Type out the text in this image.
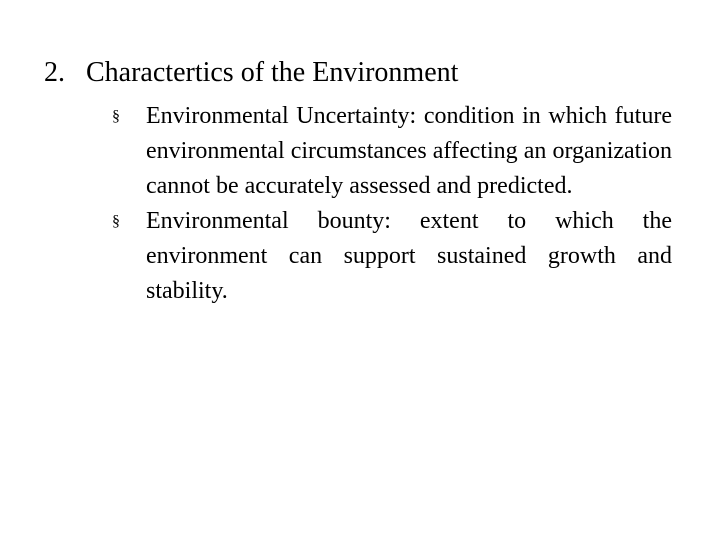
2. Charactertics of the Environment
§ Environmental Uncertainty: condition in which future environmental circumstances affecting an organization cannot be accurately assessed and predicted.
§ Environmental bounty: extent to which the environment can support sustained growth and stability.
